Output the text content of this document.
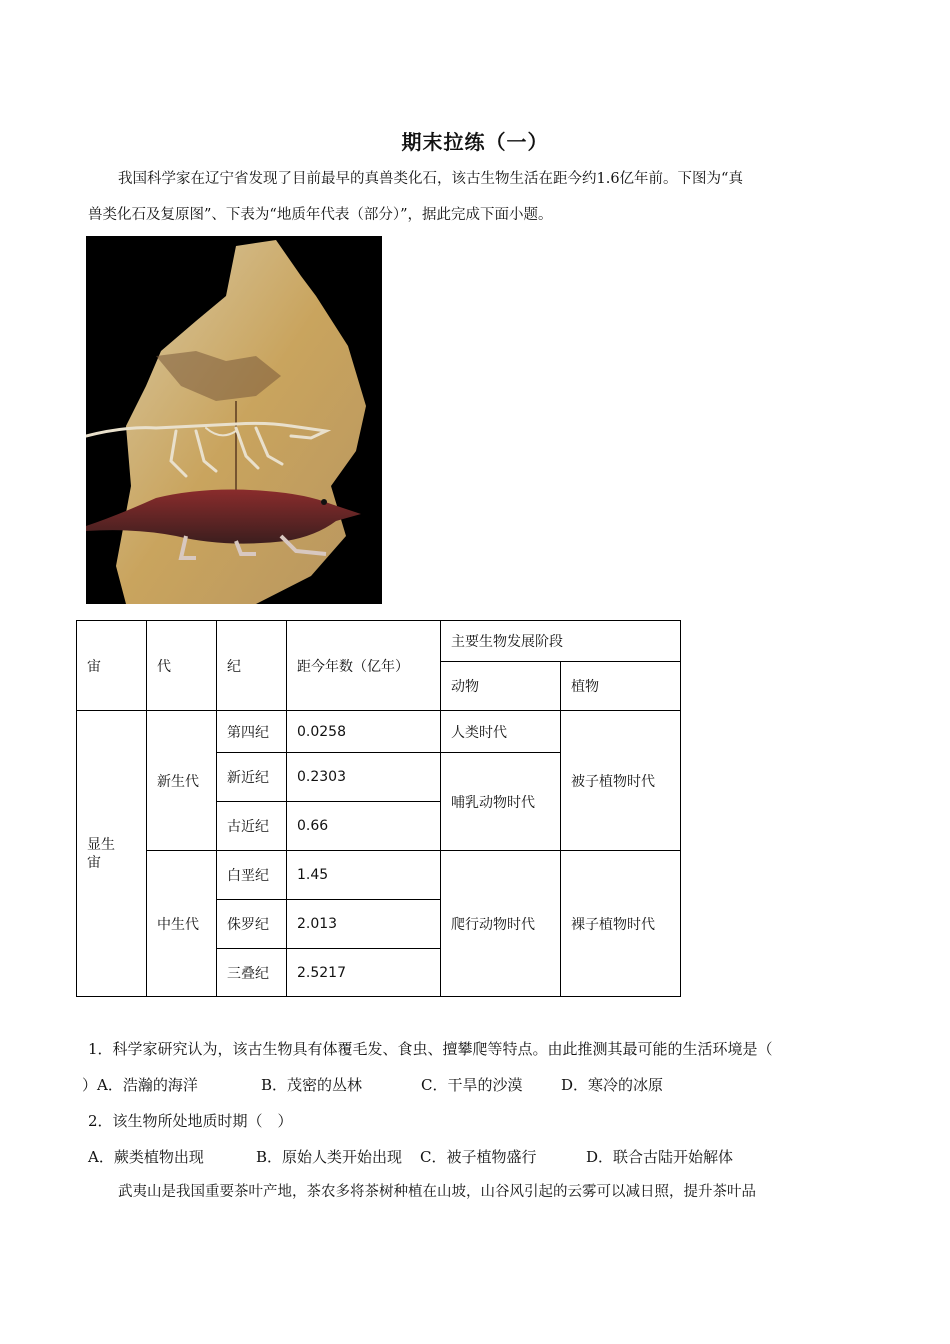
期末拉练（一）

我国科学家在辽宁省发现了目前最早的真兽类化石，该古生物生活在距今约1.6亿年前。下图为“真

兽类化石及复原图”、下表为“地质年代表（部分）”，据此完成下面小题。
宙	代	纪	距今年数（亿年）	主要生物发展阶段	
				动物	植物

显生宙	新生代	第四纪	0.0258	人类时代	被子植物时代
		新近纪	0.2303	哺乳动物时代	
		古近纪	0.66		
	中生代	白垩纪	1.45	爬行动物时代	裸子植物时代
		侏罗纪	2.013		
		三叠纪	2.5217		
1．科学家研究认为，该古生物具有体覆毛发、食虫、擅攀爬等特点。由此推测其最可能的生活环境是（
）A．浩瀚的海洋	B．茂密的丛林	C．干旱的沙漠	D．寒冷的冰原
2．该生物所处地质时期（　）
A．蕨类植物出现	B．原始人类开始出现 C．被子植物盛行	D．联合古陆开始解体
武夷山是我国重要茶叶产地，茶农多将茶树种植在山坡，山谷风引起的云雾可以减日照，提升茶叶品
